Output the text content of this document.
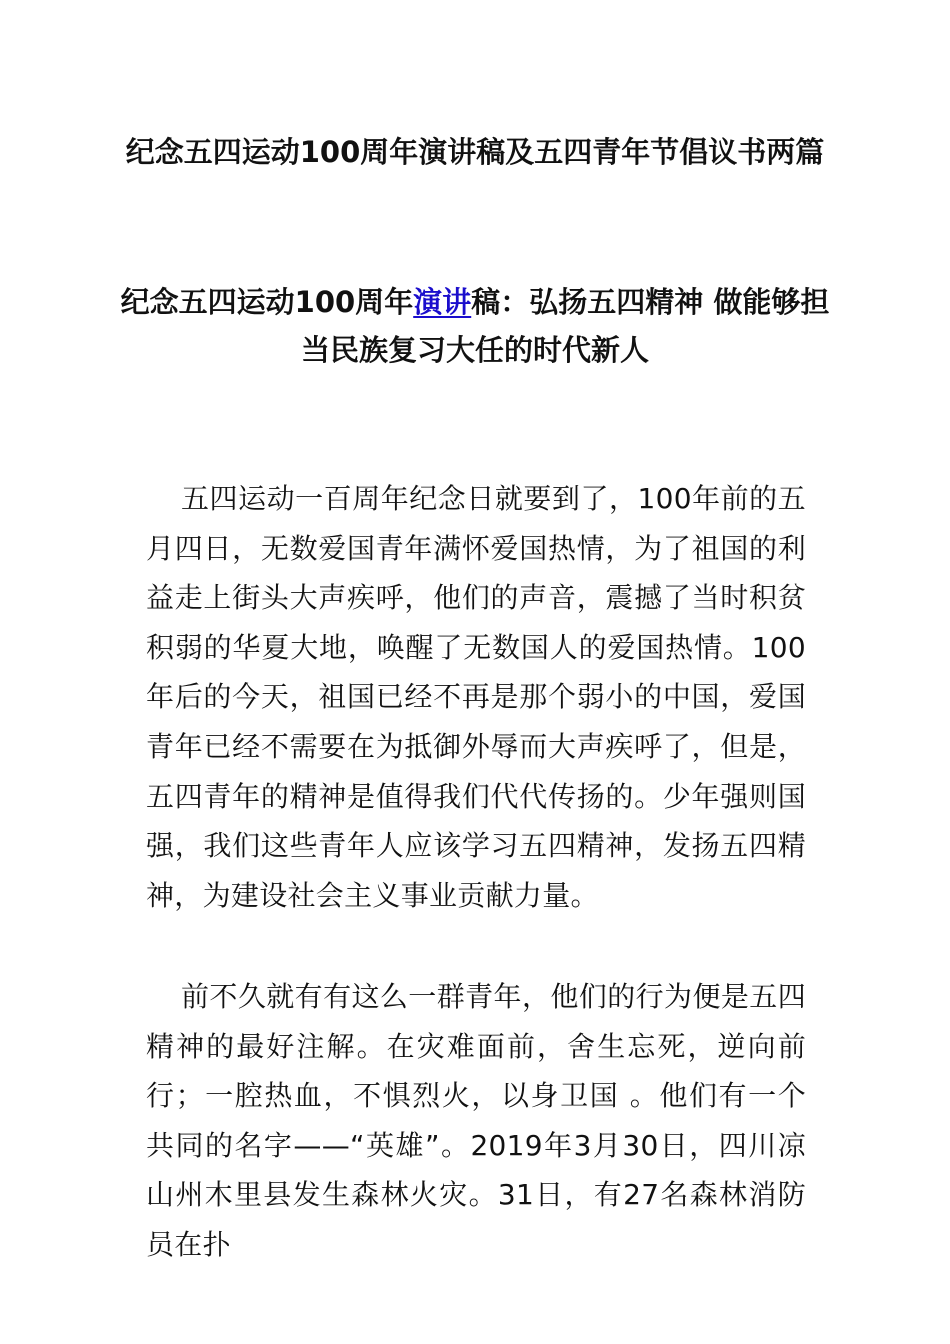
纪念五四运动100周年演讲稿及五四青年节倡议书两篇
纪念五四运动100周年演讲稿：弘扬五四精神 做能够担当民族复习大任的时代新人

五四运动一百周年纪念日就要到了，100年前的五月四日，无数爱国青年满怀爱国热情，为了祖国的利益走上街头大声疾呼，他们的声音，震撼了当时积贫积弱的华夏大地，唤醒了无数国人的爱国热情。100年后的今天，祖国已经不再是那个弱小的中国，爱国青年已经不需要在为抵御外辱而大声疾呼了，但是，五四青年的精神是值得我们代代传扬的。少年强则国强，我们这些青年人应该学习五四精神，发扬五四精神，为建设社会主义事业贡献力量。

前不久就有有这么一群青年，他们的行为便是五四精神的最好注解。在灾难面前，舍生忘死，逆向前行；一腔热血，不惧烈火，以身卫国 。他们有一个共同的名字——“英雄”。2019年3月30日，四川凉山州木里县发生森林火灾。31日，有27名森林消防员在扑
